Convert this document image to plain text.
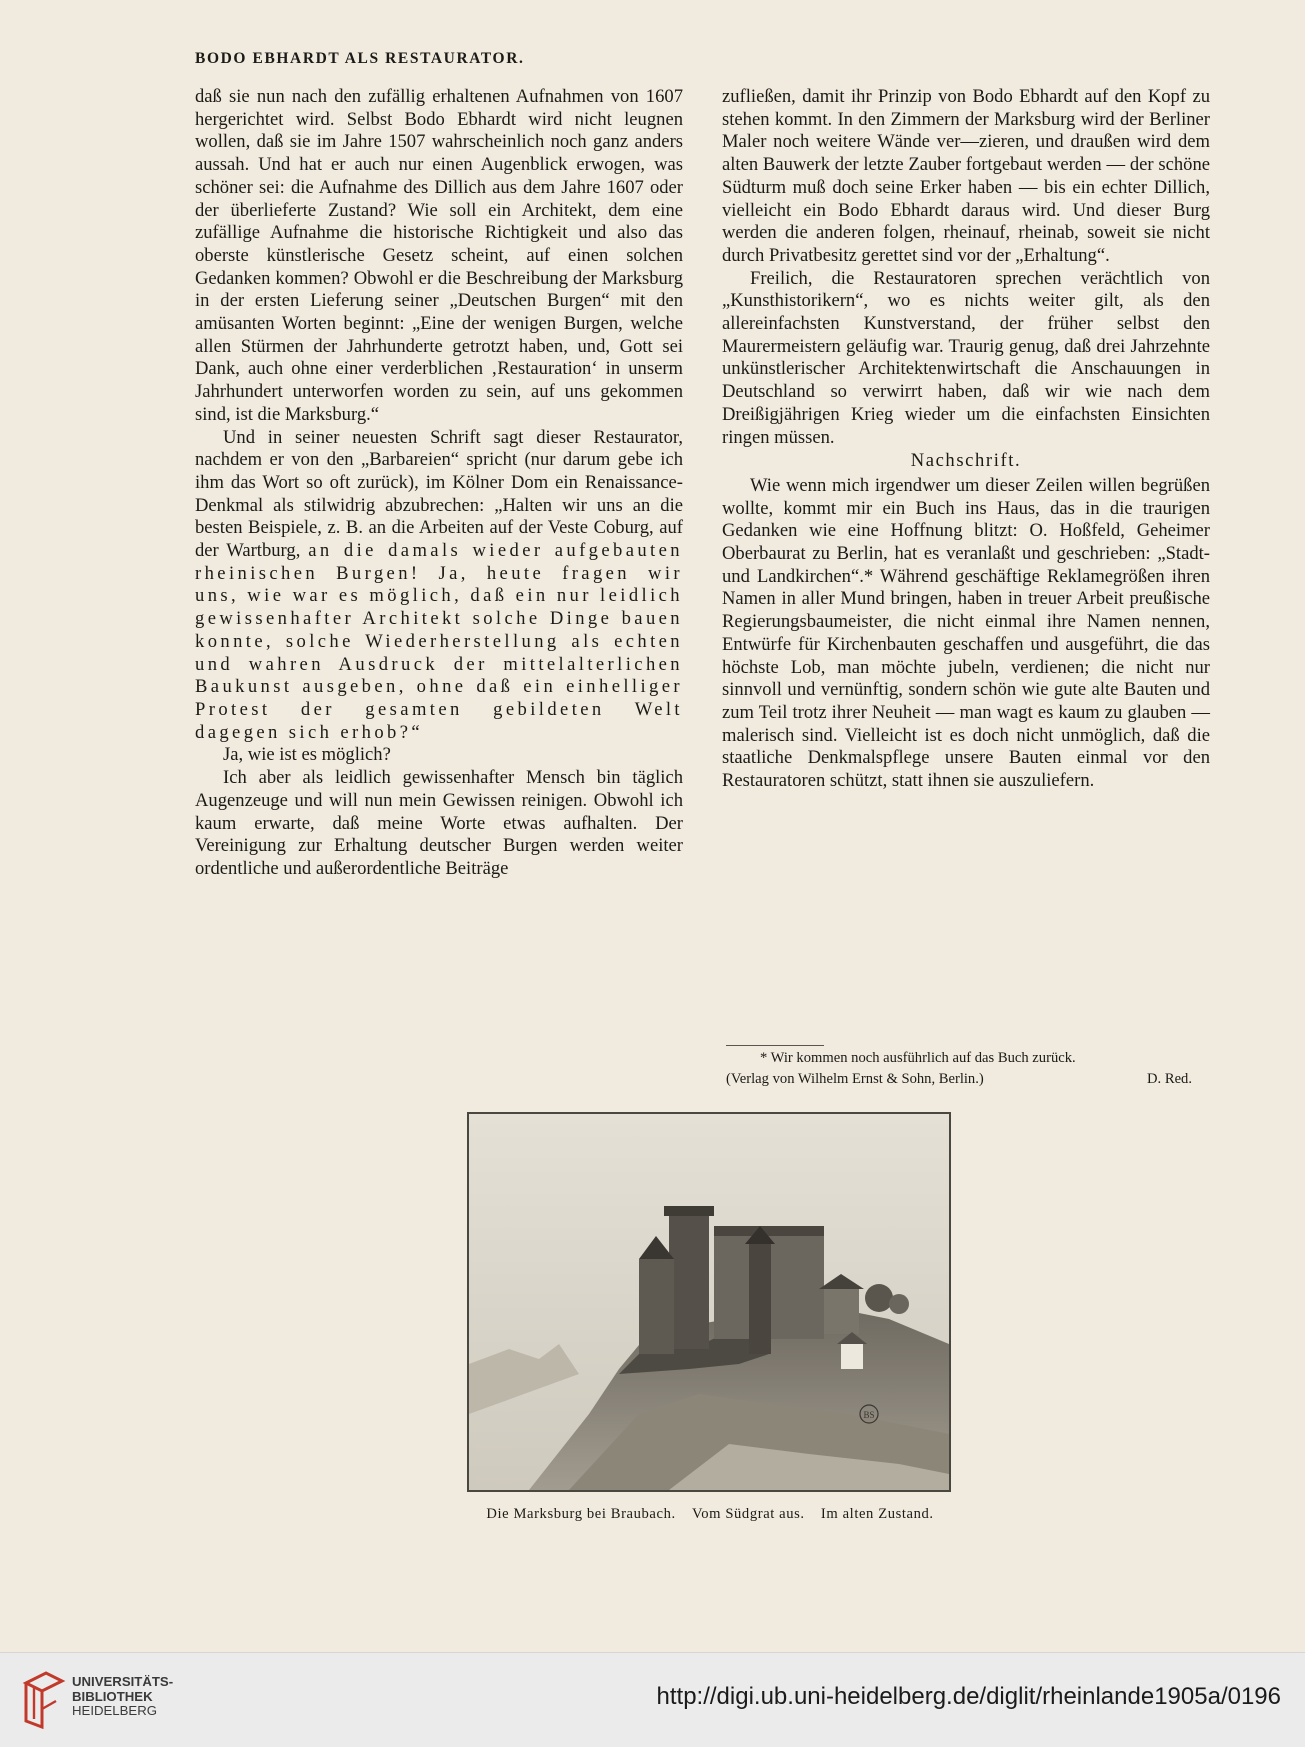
BODO EBHARDT ALS RESTAURATOR.

daß sie nun nach den zufällig erhaltenen Aufnahmen von 1607 hergerichtet wird. Selbst Bodo Ebhardt wird nicht leugnen wollen, daß sie im Jahre 1507 wahrscheinlich noch ganz anders aussah. Und hat er auch nur einen Augenblick erwogen, was schöner sei: die Aufnahme des Dillich aus dem Jahre 1607 oder der überlieferte Zustand? Wie soll ein Architekt, dem eine zufällige Aufnahme die historische Richtigkeit und also das oberste künstlerische Gesetz scheint, auf einen solchen Gedanken kommen? Obwohl er die Beschreibung der Marksburg in der ersten Lieferung seiner „Deutschen Burgen“ mit den amüsanten Worten beginnt: „Eine der wenigen Burgen, welche allen Stürmen der Jahrhunderte getrotzt haben, und, Gott sei Dank, auch ohne einer verderblichen ‚Restauration‘ in unserm Jahrhundert unterworfen worden zu sein, auf uns gekommen sind, ist die Marksburg.“

Und in seiner neuesten Schrift sagt dieser Restaurator, nachdem er von den „Barbareien“ spricht (nur darum gebe ich ihm das Wort so oft zurück), im Kölner Dom ein Renaissance-Denkmal als stilwidrig abzubrechen: „Halten wir uns an die besten Beispiele, z. B. an die Arbeiten auf der Veste Coburg, auf der Wartburg, an die damals wieder aufgebauten rheinischen Burgen! Ja, heute fragen wir uns, wie war es möglich, daß ein nur leidlich gewissenhafter Architekt solche Dinge bauen konnte, solche Wiederherstellung als echten und wahren Ausdruck der mittelalterlichen Baukunst ausgeben, ohne daß ein einhelliger Protest der gesamten gebildeten Welt dagegen sich erhob?“

Ja, wie ist es möglich?

Ich aber als leidlich gewissenhafter Mensch bin täglich Augenzeuge und will nun mein Gewissen reinigen. Obwohl ich kaum erwarte, daß meine Worte etwas aufhalten. Der Vereinigung zur Erhaltung deutscher Burgen werden weiter ordentliche und außerordentliche Beiträge

zufließen, damit ihr Prinzip von Bodo Ebhardt auf den Kopf zu stehen kommt. In den Zimmern der Marksburg wird der Berliner Maler noch weitere Wände ver—zieren, und draußen wird dem alten Bauwerk der letzte Zauber fortgebaut werden — der schöne Südturm muß doch seine Erker haben — bis ein echter Dillich, vielleicht ein Bodo Ebhardt daraus wird. Und dieser Burg werden die anderen folgen, rheinauf, rheinab, soweit sie nicht durch Privatbesitz gerettet sind vor der „Erhaltung“.

Freilich, die Restauratoren sprechen verächtlich von „Kunsthistorikern“, wo es nichts weiter gilt, als den allereinfachsten Kunstverstand, der früher selbst den Maurermeistern geläufig war. Traurig genug, daß drei Jahrzehnte unkünstlerischer Architektenwirtschaft die Anschauungen in Deutschland so verwirrt haben, daß wir wie nach dem Dreißigjährigen Krieg wieder um die einfachsten Einsichten ringen müssen.

Nachschrift.

Wie wenn mich irgendwer um dieser Zeilen willen begrüßen wollte, kommt mir ein Buch ins Haus, das in die traurigen Gedanken wie eine Hoffnung blitzt: O. Hoßfeld, Geheimer Oberbaurat zu Berlin, hat es veranlaßt und geschrieben: „Stadt- und Landkirchen“.* Während geschäftige Reklamegrößen ihren Namen in aller Mund bringen, haben in treuer Arbeit preußische Regierungsbaumeister, die nicht einmal ihre Namen nennen, Entwürfe für Kirchenbauten geschaffen und ausgeführt, die das höchste Lob, man möchte jubeln, verdienen; die nicht nur sinnvoll und vernünftig, sondern schön wie gute alte Bauten und zum Teil trotz ihrer Neuheit — man wagt es kaum zu glauben — malerisch sind. Vielleicht ist es doch nicht unmöglich, daß die staatliche Denkmalspflege unsere Bauten einmal vor den Restauratoren schützt, statt ihnen sie auszuliefern.

* Wir kommen noch ausführlich auf das Buch zurück.
(Verlag von Wilhelm Ernst & Sohn, Berlin.)	D. Red.
BS
Die Marksburg bei Braubach. Vom Südgrat aus. Im alten Zustand.
UNIVERSITÄTS-
BIBLIOTHEK
HEIDELBERG
http://digi.ub.uni-heidelberg.de/diglit/rheinlande1905a/0196
